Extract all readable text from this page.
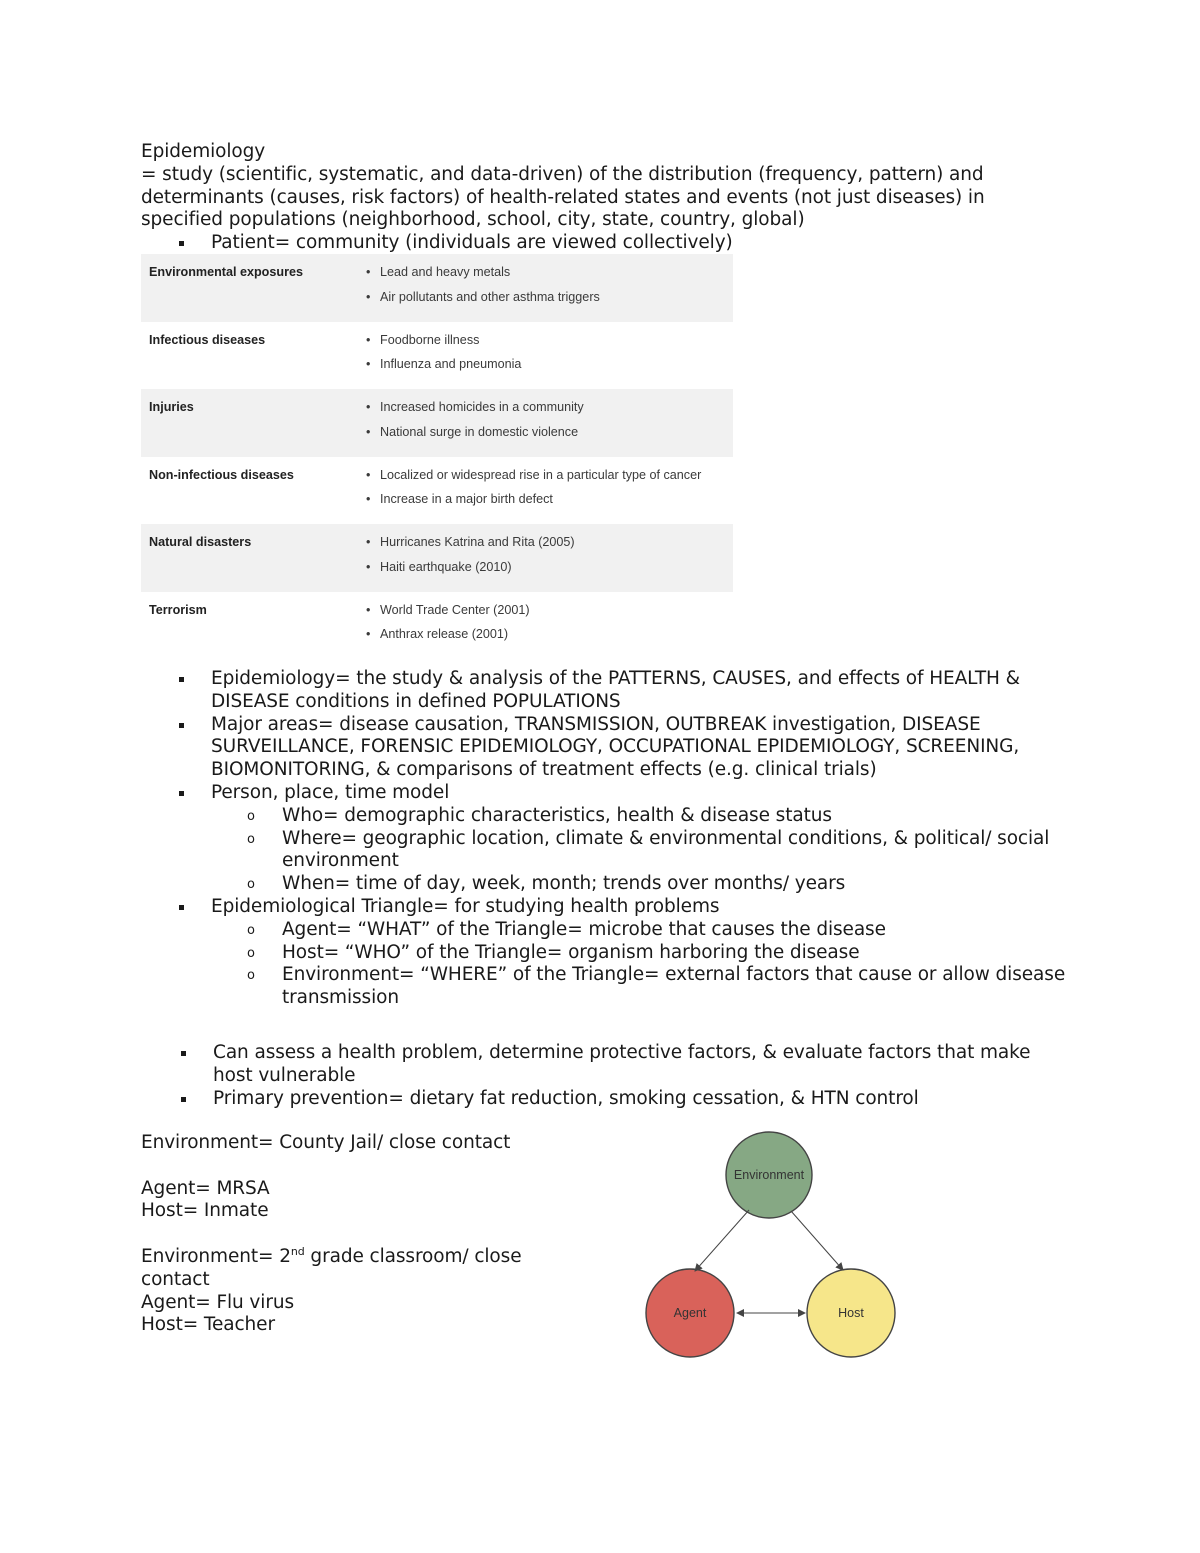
Epidemiology
= study (scientific, systematic, and data-driven) of the distribution (frequency, pattern) and determinants (causes, risk factors) of health-related states and events (not just diseases) in specified populations (neighborhood, school, city, state, country, global)
Patient= community (individuals are viewed collectively)
Environmental exposures	• Lead and heavy metals
• Air pollutants and other asthma triggers
Infectious diseases	• Foodborne illness
• Influenza and pneumonia
Injuries	• Increased homicides in a community
• National surge in domestic violence
Non-infectious diseases	• Localized or widespread rise in a particular type of cancer
• Increase in a major birth defect
Natural disasters	• Hurricanes Katrina and Rita (2005)
• Haiti earthquake (2010)
Terrorism	• World Trade Center (2001)
• Anthrax release (2001)
Epidemiology= the study & analysis of the PATTERNS, CAUSES, and effects of HEALTH & DISEASE conditions in defined POPULATIONS
Major areas= disease causation, TRANSMISSION, OUTBREAK investigation, DISEASE SURVEILLANCE, FORENSIC EPIDEMIOLOGY, OCCUPATIONAL EPIDEMIOLOGY, SCREENING, BIOMONITORING, & comparisons of treatment effects (e.g. clinical trials)
Person, place, time model
o Who= demographic characteristics, health & disease status
o Where= geographic location, climate & environmental conditions, & political/ social environment
o When= time of day, week, month; trends over months/ years
Epidemiological Triangle= for studying health problems
o Agent= “WHAT” of the Triangle= microbe that causes the disease
o Host= “WHO” of the Triangle= organism harboring the disease
o Environment= “WHERE” of the Triangle= external factors that cause or allow disease transmission
Can assess a health problem, determine protective factors, & evaluate factors that make host vulnerable
Primary prevention= dietary fat reduction, smoking cessation, & HTN control

Environment= County Jail/ close contact

Agent= MRSA

Host= Inmate

Environment= 2nd grade classroom/ close contact

Agent= Flu virus

Host= Teacher

Environment
Agent	Host
